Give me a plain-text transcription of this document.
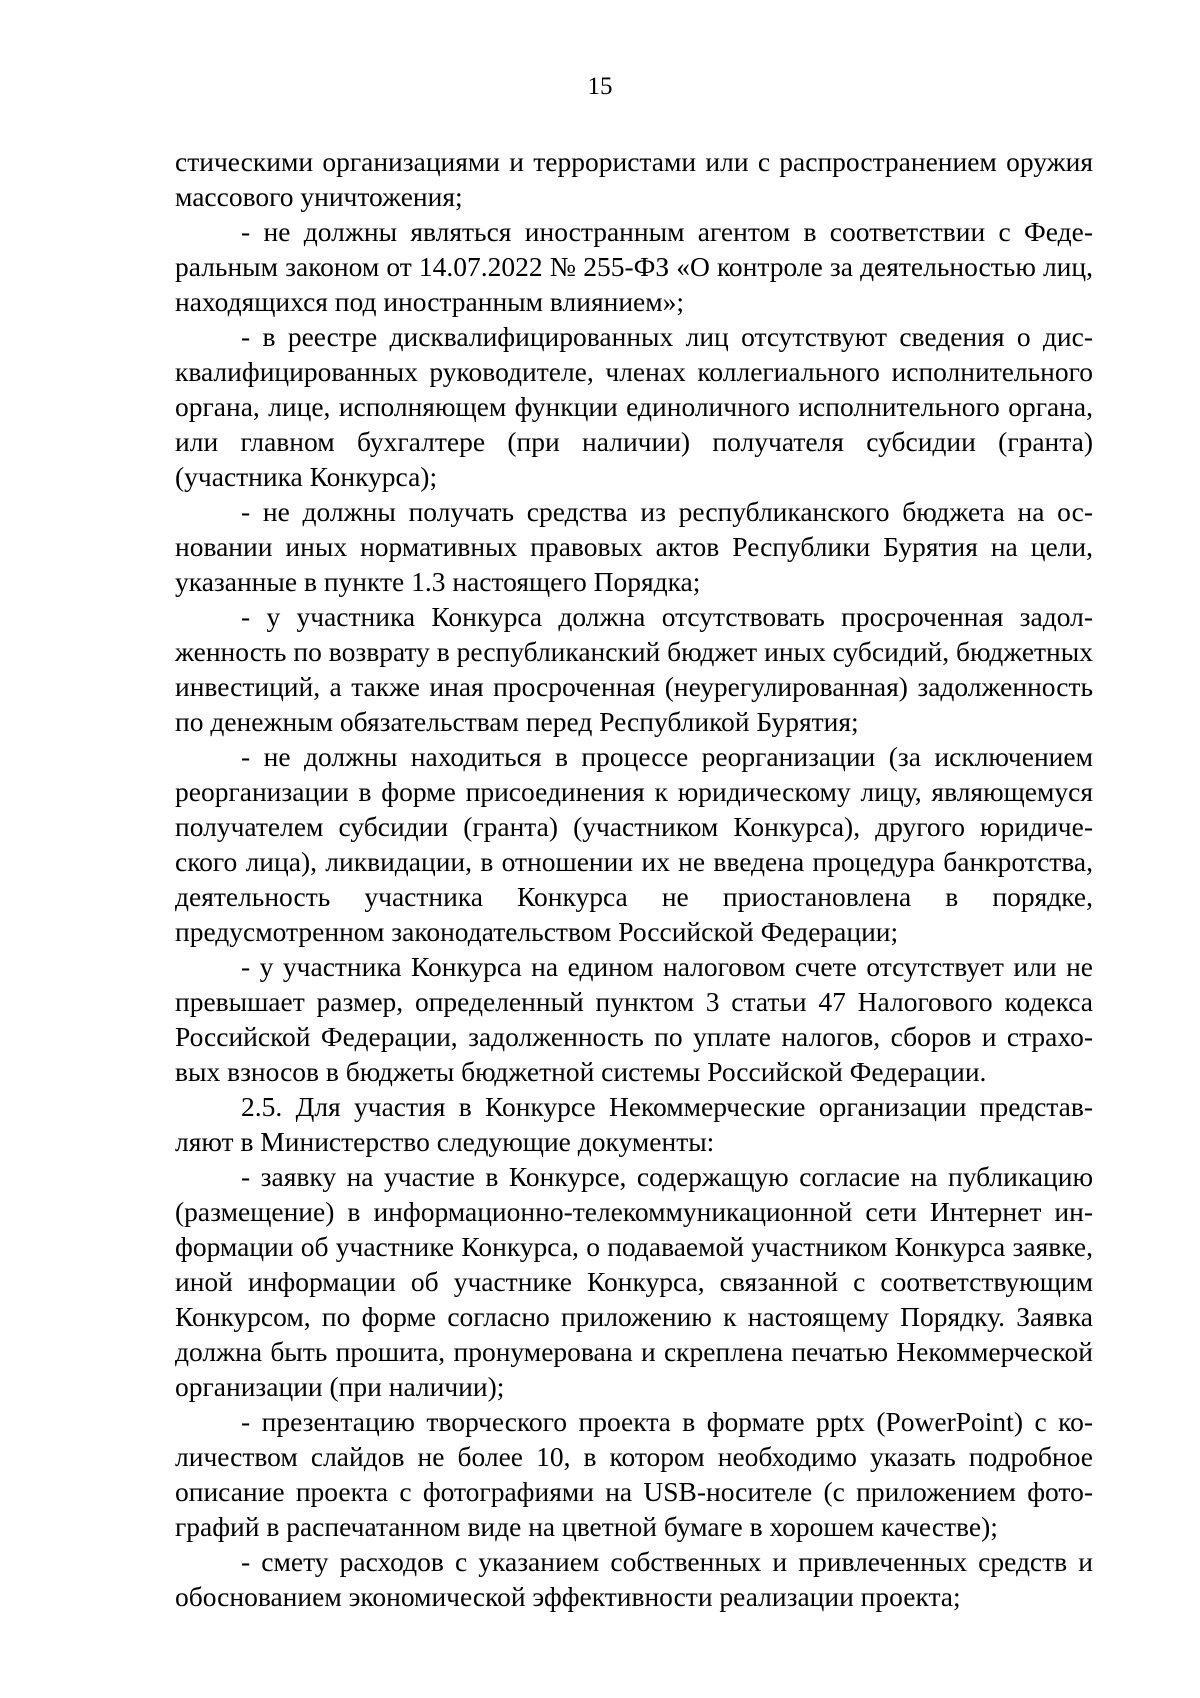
15

стическими организациями и террористами или с распространением оружия массового уничтожения;

- не должны являться иностранным агентом в соответствии с Федеральным законом от 14.07.2022 № 255-ФЗ «О контроле за деятельностью лиц, находящихся под иностранным влиянием»;

- в реестре дисквалифицированных лиц отсутствуют сведения о дисквалифицированных руководителе, членах коллегиального исполнительного органа, лице, исполняющем функции единоличного исполнительного органа, или главном бухгалтере (при наличии) получателя субсидии (гранта) (участника Конкурса);

- не должны получать средства из республиканского бюджета на основании иных нормативных правовых актов Республики Бурятия на цели, указанные в пункте 1.3 настоящего Порядка;

- у участника Конкурса должна отсутствовать просроченная задолженность по возврату в республиканский бюджет иных субсидий, бюджетных инвестиций, а также иная просроченная (неурегулированная) задолженность по денежным обязательствам перед Республикой Бурятия;

- не должны находиться в процессе реорганизации (за исключением реорганизации в форме присоединения к юридическому лицу, являющемуся получателем субсидии (гранта) (участником Конкурса), другого юридического лица), ликвидации, в отношении их не введена процедура банкротства, деятельность участника Конкурса не приостановлена в порядке, предусмотренном законодательством Российской Федерации;

- у участника Конкурса на едином налоговом счете отсутствует или не превышает размер, определенный пунктом 3 статьи 47 Налогового кодекса Российской Федерации, задолженность по уплате налогов, сборов и страховых взносов в бюджеты бюджетной системы Российской Федерации.

2.5. Для участия в Конкурсе Некоммерческие организации представляют в Министерство следующие документы:

- заявку на участие в Конкурсе, содержащую согласие на публикацию (размещение) в информационно-телекоммуникационной сети Интернет информации об участнике Конкурса, о подаваемой участником Конкурса заявке, иной информации об участнике Конкурса, связанной с соответствующим Конкурсом, по форме согласно приложению к настоящему Порядку. Заявка должна быть прошита, пронумерована и скреплена печатью Некоммерческой организации (при наличии);

- презентацию творческого проекта в формате pptx (PowerPoint) с количеством слайдов не более 10, в котором необходимо указать подробное описание проекта с фотографиями на USB-носителе (с приложением фотографий в распечатанном виде на цветной бумаге в хорошем качестве);

- смету расходов с указанием собственных и привлеченных средств и обоснованием экономической эффективности реализации проекта;
